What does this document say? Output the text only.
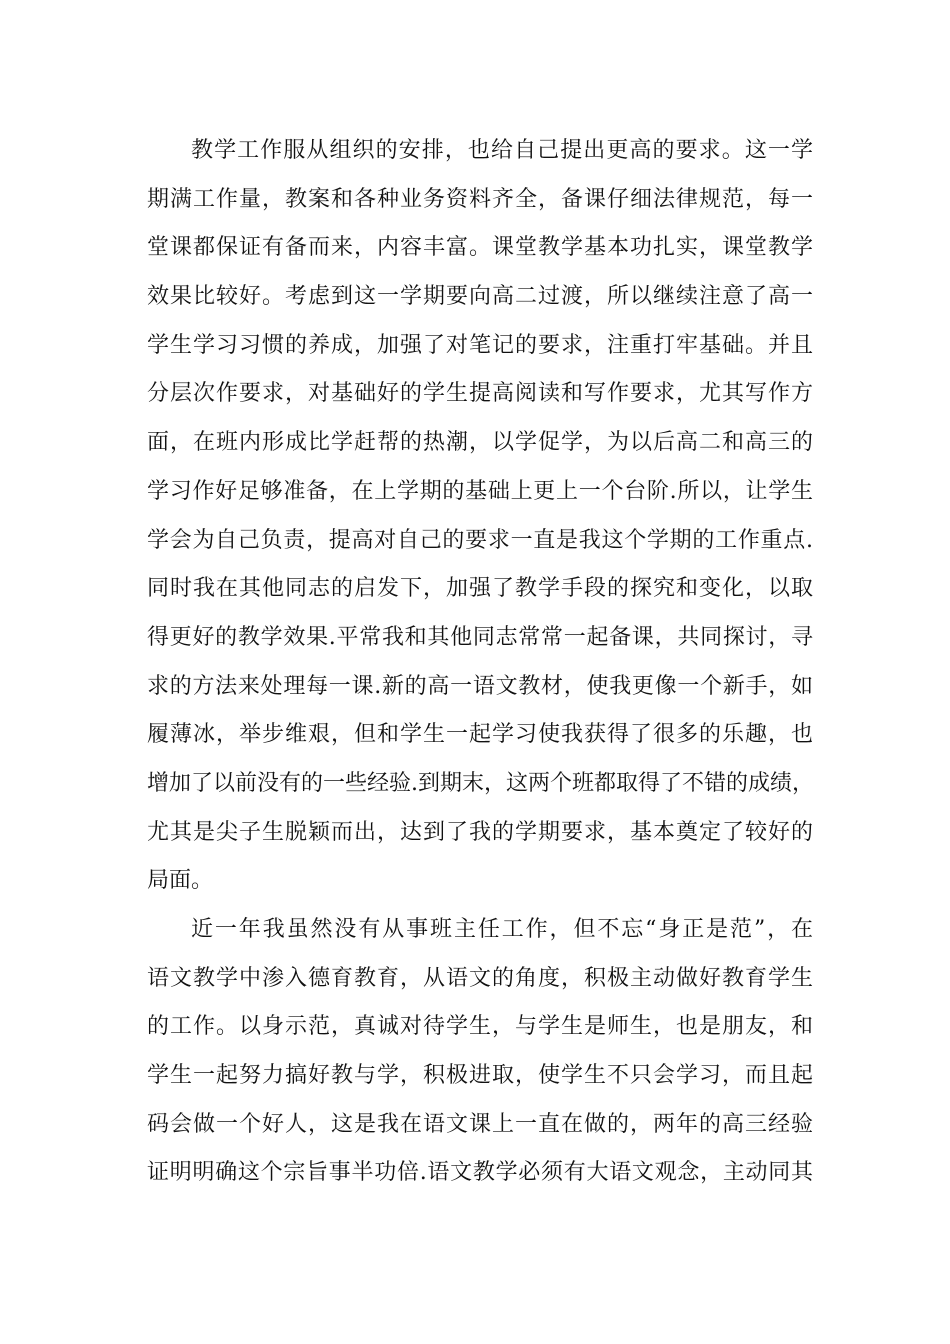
教学工作服从组织的安排，也给自己提出更高的要求。这一学
期满工作量，教案和各种业务资料齐全，备课仔细法律规范，每一
堂课都保证有备而来，内容丰富。课堂教学基本功扎实，课堂教学
效果比较好。考虑到这一学期要向高二过渡，所以继续注意了高一
学生学习习惯的养成，加强了对笔记的要求，注重打牢基础。并且
分层次作要求，对基础好的学生提高阅读和写作要求，尤其写作方
面，在班内形成比学赶帮的热潮，以学促学，为以后高二和高三的
学习作好足够准备，在上学期的基础上更上一个台阶.所以，让学生
学会为自己负责，提高对自己的要求一直是我这个学期的工作重点.
同时我在其他同志的启发下，加强了教学手段的探究和变化，以取
得更好的教学效果.平常我和其他同志常常一起备课，共同探讨，寻
求的方法来处理每一课.新的高一语文教材，使我更像一个新手，如
履薄冰，举步维艰，但和学生一起学习使我获得了很多的乐趣，也
增加了以前没有的一些经验.到期末，这两个班都取得了不错的成绩，
尤其是尖子生脱颖而出，达到了我的学期要求，基本奠定了较好的
局面。
近一年我虽然没有从事班主任工作，但不忘“身正是范”，在
语文教学中渗入德育教育，从语文的角度，积极主动做好教育学生
的工作。以身示范，真诚对待学生，与学生是师生，也是朋友，和
学生一起努力搞好教与学，积极进取，使学生不只会学习，而且起
码会做一个好人，这是我在语文课上一直在做的，两年的高三经验
证明明确这个宗旨事半功倍.语文教学必须有大语文观念，主动同其
